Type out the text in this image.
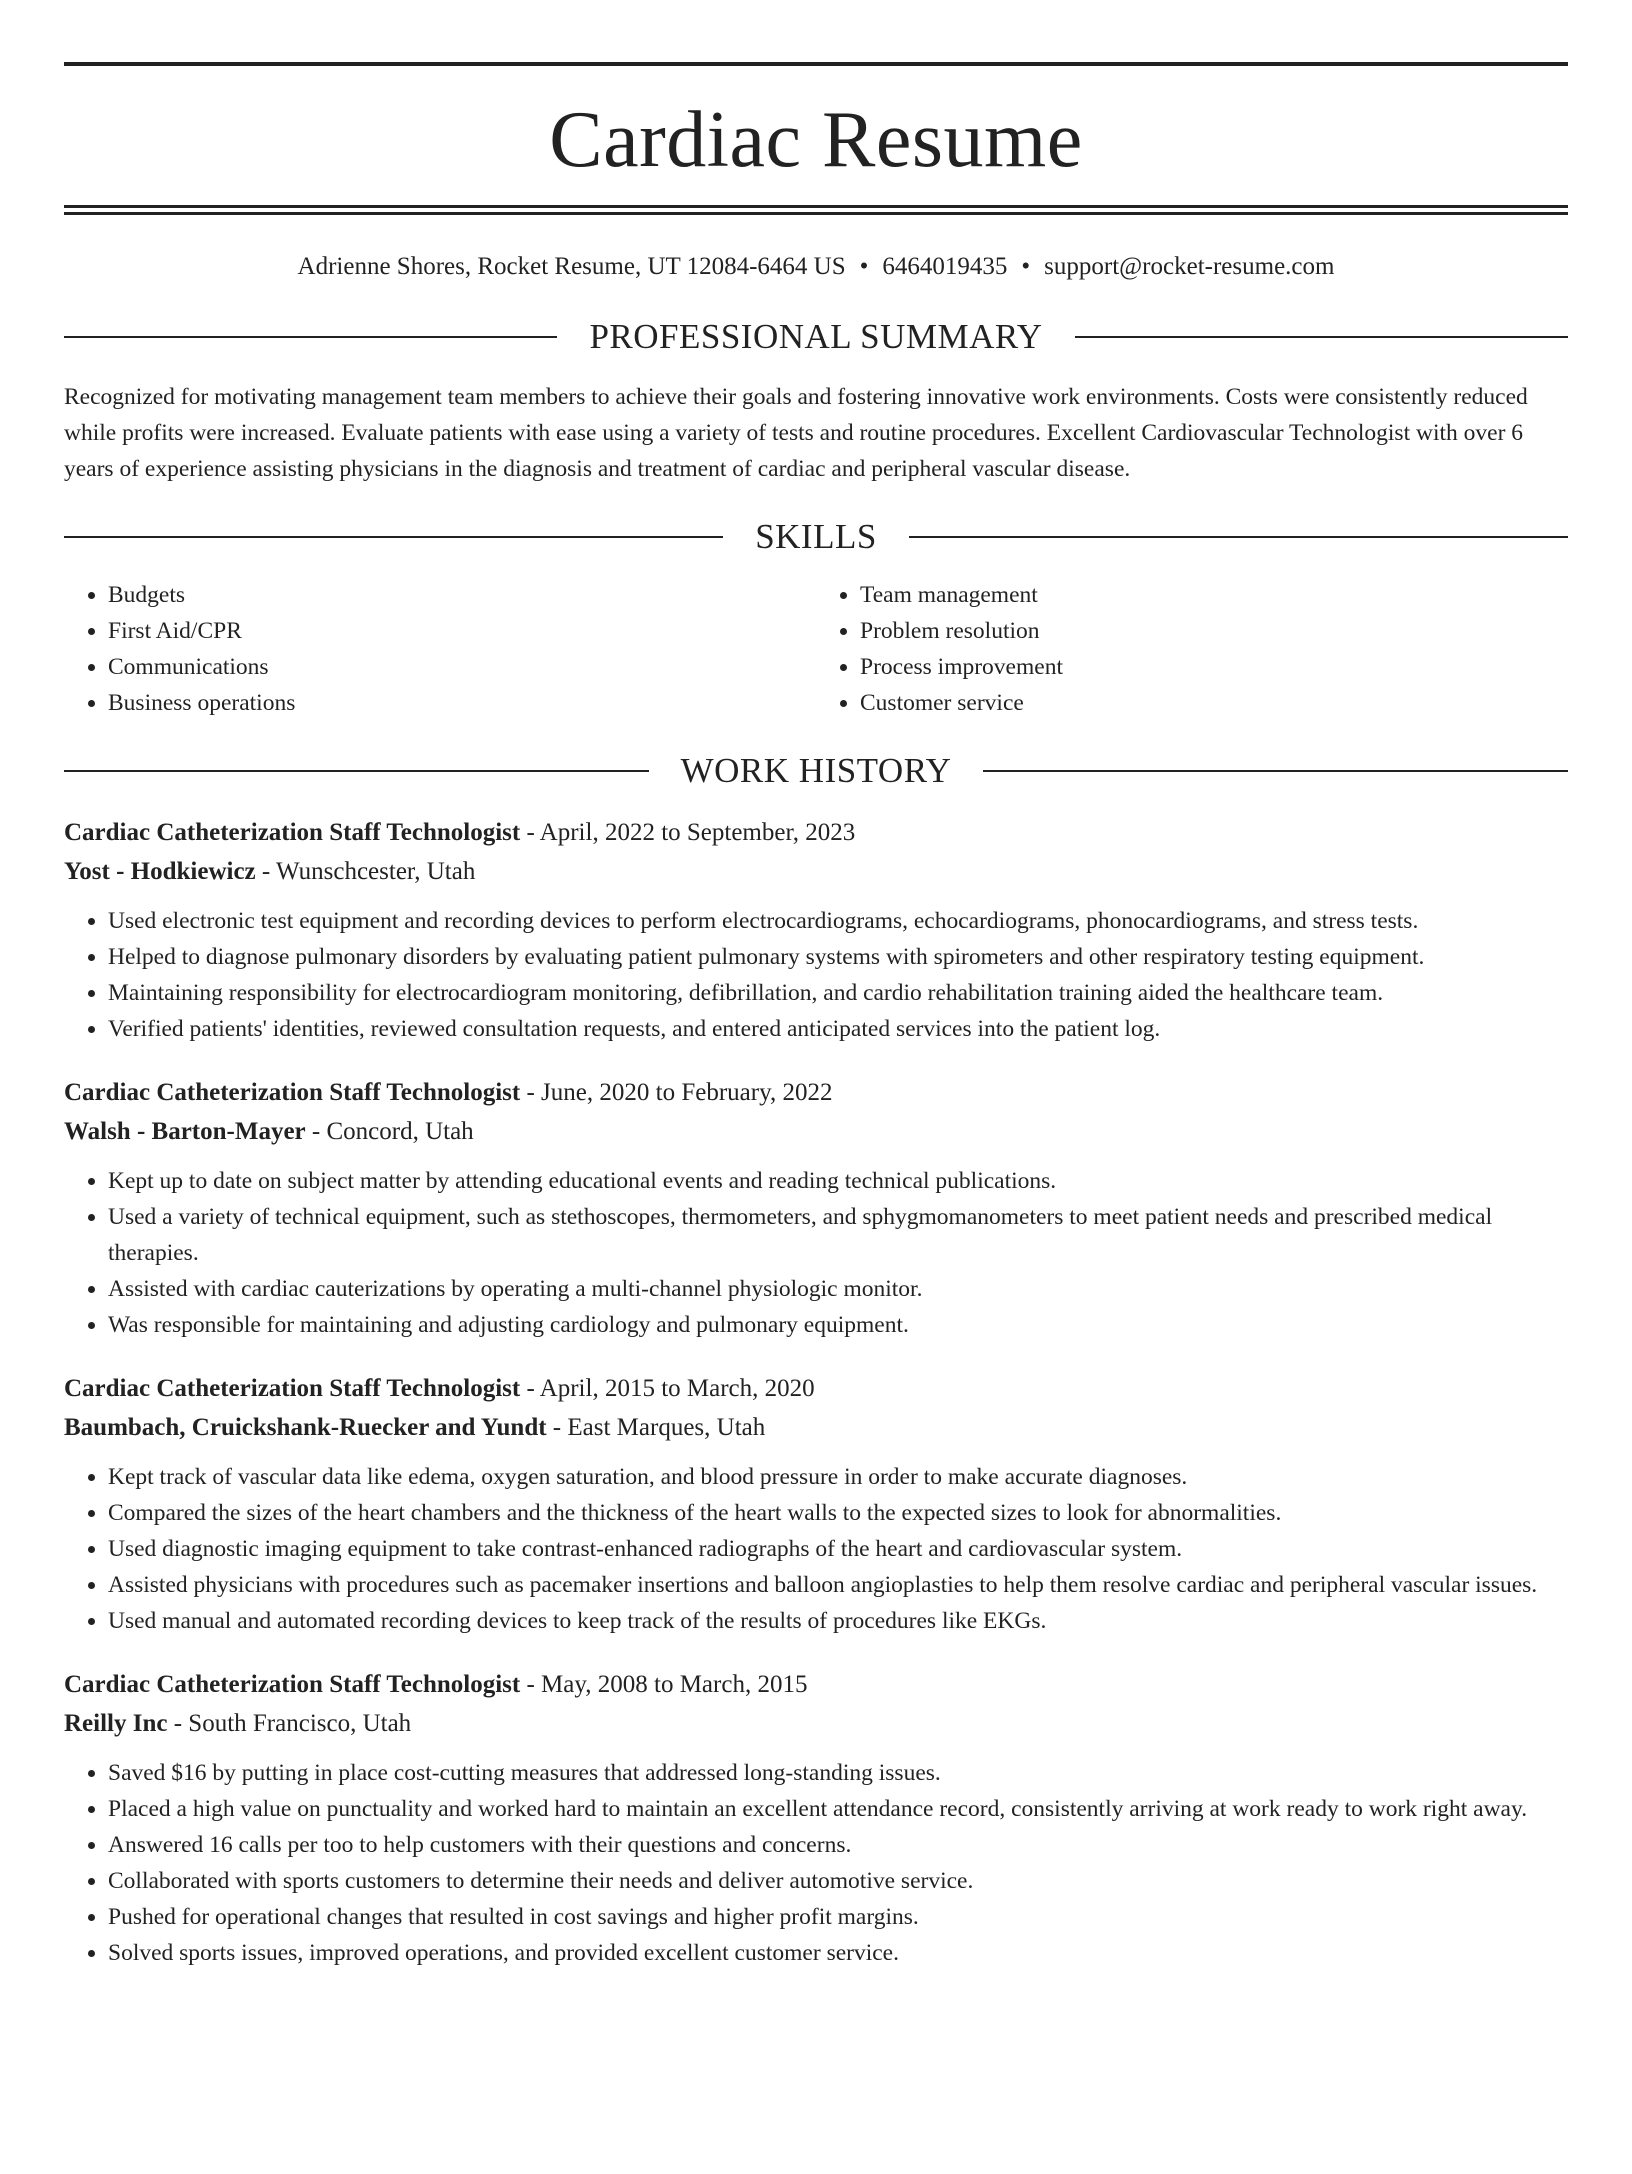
Cardiac Resume
Adrienne Shores, Rocket Resume, UT 12084-6464 US • 6464019435 • support@rocket-resume.com
PROFESSIONAL SUMMARY
Recognized for motivating management team members to achieve their goals and fostering innovative work environments. Costs were consistently reduced while profits were increased. Evaluate patients with ease using a variety of tests and routine procedures. Excellent Cardiovascular Technologist with over 6 years of experience assisting physicians in the diagnosis and treatment of cardiac and peripheral vascular disease.
SKILLS
• Budgets
• First Aid/CPR
• Communications
• Business operations
• Team management
• Problem resolution
• Process improvement
• Customer service
WORK HISTORY
Cardiac Catheterization Staff Technologist - April, 2022 to September, 2023
Yost - Hodkiewicz - Wunschcester, Utah
• Used electronic test equipment and recording devices to perform electrocardiograms, echocardiograms, phonocardiograms, and stress tests.
• Helped to diagnose pulmonary disorders by evaluating patient pulmonary systems with spirometers and other respiratory testing equipment.
• Maintaining responsibility for electrocardiogram monitoring, defibrillation, and cardio rehabilitation training aided the healthcare team.
• Verified patients' identities, reviewed consultation requests, and entered anticipated services into the patient log.
Cardiac Catheterization Staff Technologist - June, 2020 to February, 2022
Walsh - Barton-Mayer - Concord, Utah
• Kept up to date on subject matter by attending educational events and reading technical publications.
• Used a variety of technical equipment, such as stethoscopes, thermometers, and sphygmomanometers to meet patient needs and prescribed medical therapies.
• Assisted with cardiac cauterizations by operating a multi-channel physiologic monitor.
• Was responsible for maintaining and adjusting cardiology and pulmonary equipment.
Cardiac Catheterization Staff Technologist - April, 2015 to March, 2020
Baumbach, Cruickshank-Ruecker and Yundt - East Marques, Utah
• Kept track of vascular data like edema, oxygen saturation, and blood pressure in order to make accurate diagnoses.
• Compared the sizes of the heart chambers and the thickness of the heart walls to the expected sizes to look for abnormalities.
• Used diagnostic imaging equipment to take contrast-enhanced radiographs of the heart and cardiovascular system.
• Assisted physicians with procedures such as pacemaker insertions and balloon angioplasties to help them resolve cardiac and peripheral vascular issues.
• Used manual and automated recording devices to keep track of the results of procedures like EKGs.
Cardiac Catheterization Staff Technologist - May, 2008 to March, 2015
Reilly Inc - South Francisco, Utah
• Saved $16 by putting in place cost-cutting measures that addressed long-standing issues.
• Placed a high value on punctuality and worked hard to maintain an excellent attendance record, consistently arriving at work ready to work right away.
• Answered 16 calls per too to help customers with their questions and concerns.
• Collaborated with sports customers to determine their needs and deliver automotive service.
• Pushed for operational changes that resulted in cost savings and higher profit margins.
• Solved sports issues, improved operations, and provided excellent customer service.
